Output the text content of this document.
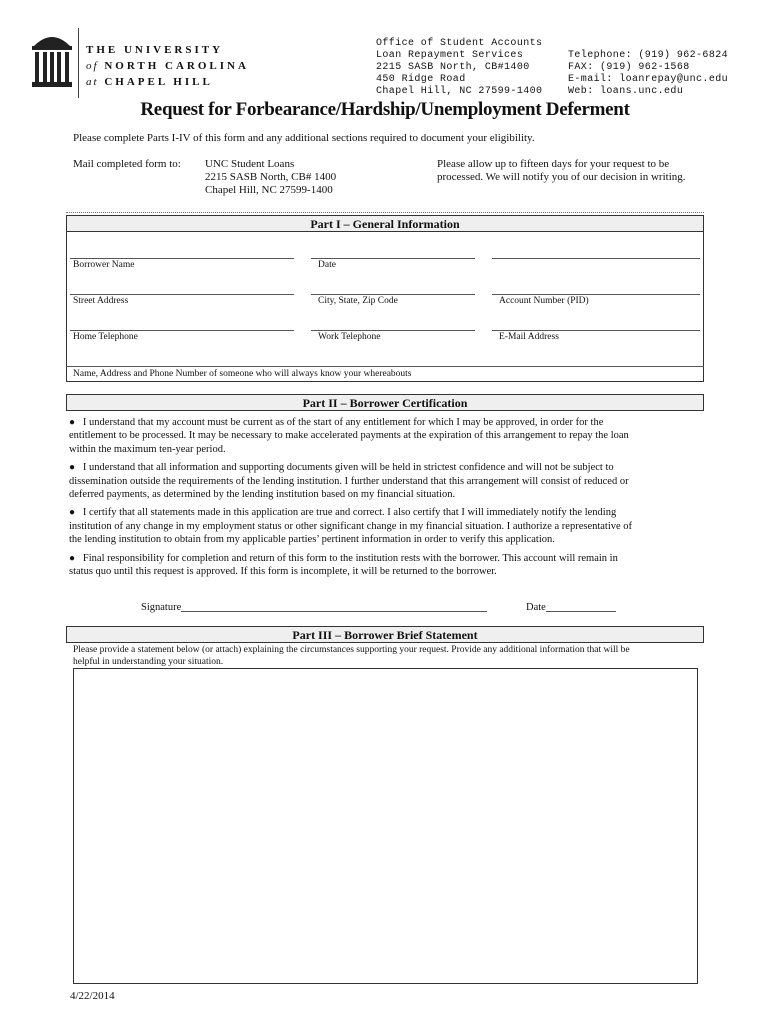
THE UNIVERSITY
of NORTH CAROLINA
at CHAPEL HILL
Office of Student Accounts
Loan Repayment Services
2215 SASB North, CB#1400
450 Ridge Road
Chapel Hill, NC 27599-1400
Telephone: (919) 962-6824
FAX: (919) 962-1568
E-mail: loanrepay@unc.edu
Web: loans.unc.edu
Request for Forbearance/Hardship/Unemployment Deferment
Please complete Parts I-IV of this form and any additional sections required to document your eligibility.
Mail completed form to: UNC Student Loans
2215 SASB North, CB# 1400
Chapel Hill, NC 27599-1400
Please allow up to fifteen days for your request to be
processed. We will notify you of our decision in writing.
Part I – General Information
Borrower Name	Date
Street Address	City, State, Zip Code	Account Number (PID)
Home Telephone	Work Telephone	E-Mail Address
Name, Address and Phone Number of someone who will always know your whereabouts
Part II – Borrower Certification
● I understand that my account must be current as of the start of any entitlement for which I may be approved, in order for the
entitlement to be processed. It may be necessary to make accelerated payments at the expiration of this arrangement to repay the loan
within the maximum ten-year period.
● I understand that all information and supporting documents given will be held in strictest confidence and will not be subject to
dissemination outside the requirements of the lending institution. I further understand that this arrangement will consist of reduced or
deferred payments, as determined by the lending institution based on my financial situation.
● I certify that all statements made in this application are true and correct. I also certify that I will immediately notify the lending
institution of any change in my employment status or other significant change in my financial situation. I authorize a representative of
the lending institution to obtain from my applicable parties’ pertinent information in order to verify this application.
● Final responsibility for completion and return of this form to the institution rests with the borrower. This account will remain in
status quo until this request is approved. If this form is incomplete, it will be returned to the borrower.
Signature	Date
Part III – Borrower Brief Statement
Please provide a statement below (or attach) explaining the circumstances supporting your request. Provide any additional information that will be
helpful in understanding your situation.
4/22/2014
